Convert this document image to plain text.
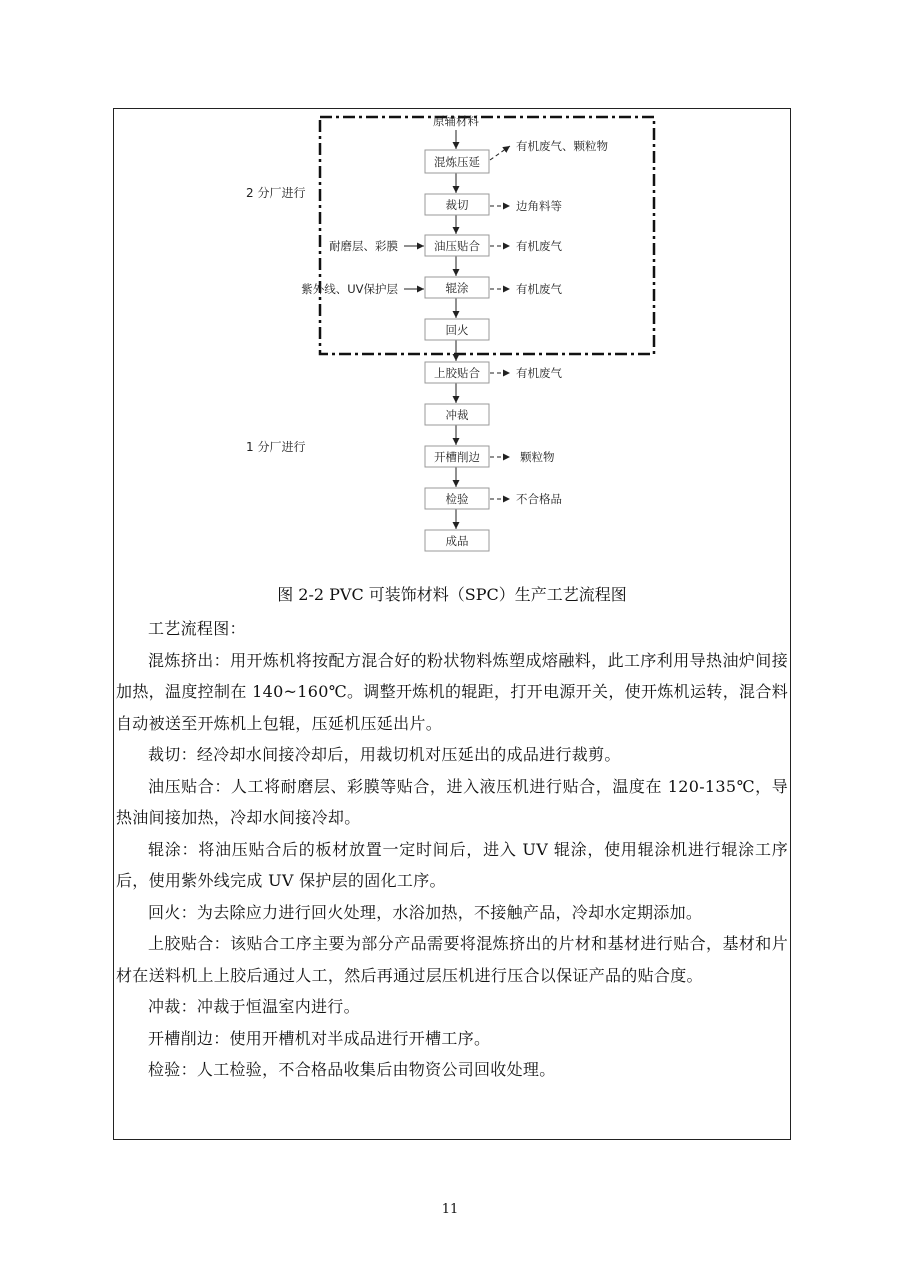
原辅材料
混炼压延
裁切
油压贴合
辊涂
回火
上胶贴合
冲裁
开槽削边
检验
成品
有机废气、颗粒物
边角料等
有机废气
有机废气
有机废气
颗粒物
不合格品
耐磨层、彩膜
紫外线、UV保护层
2 分厂进行
1 分厂进行

图 2-2 PVC 可装饰材料（SPC）生产工艺流程图

工艺流程图：

混炼挤出：用开炼机将按配方混合好的粉状物料炼塑成熔融料，此工序利用导热油炉间接加热，温度控制在 140~160℃。调整开炼机的辊距，打开电源开关，使开炼机运转，混合料自动被送至开炼机上包辊，压延机压延出片。

裁切：经冷却水间接冷却后，用裁切机对压延出的成品进行裁剪。

油压贴合：人工将耐磨层、彩膜等贴合，进入液压机进行贴合，温度在 120-135℃，导热油间接加热，冷却水间接冷却。

辊涂：将油压贴合后的板材放置一定时间后，进入 UV 辊涂，使用辊涂机进行辊涂工序后，使用紫外线完成 UV 保护层的固化工序。

回火：为去除应力进行回火处理，水浴加热，不接触产品，冷却水定期添加。

上胶贴合：该贴合工序主要为部分产品需要将混炼挤出的片材和基材进行贴合，基材和片材在送料机上上胶后通过人工，然后再通过层压机进行压合以保证产品的贴合度。

冲裁：冲裁于恒温室内进行。

开槽削边：使用开槽机对半成品进行开槽工序。

检验：人工检验，不合格品收集后由物资公司回收处理。

11
